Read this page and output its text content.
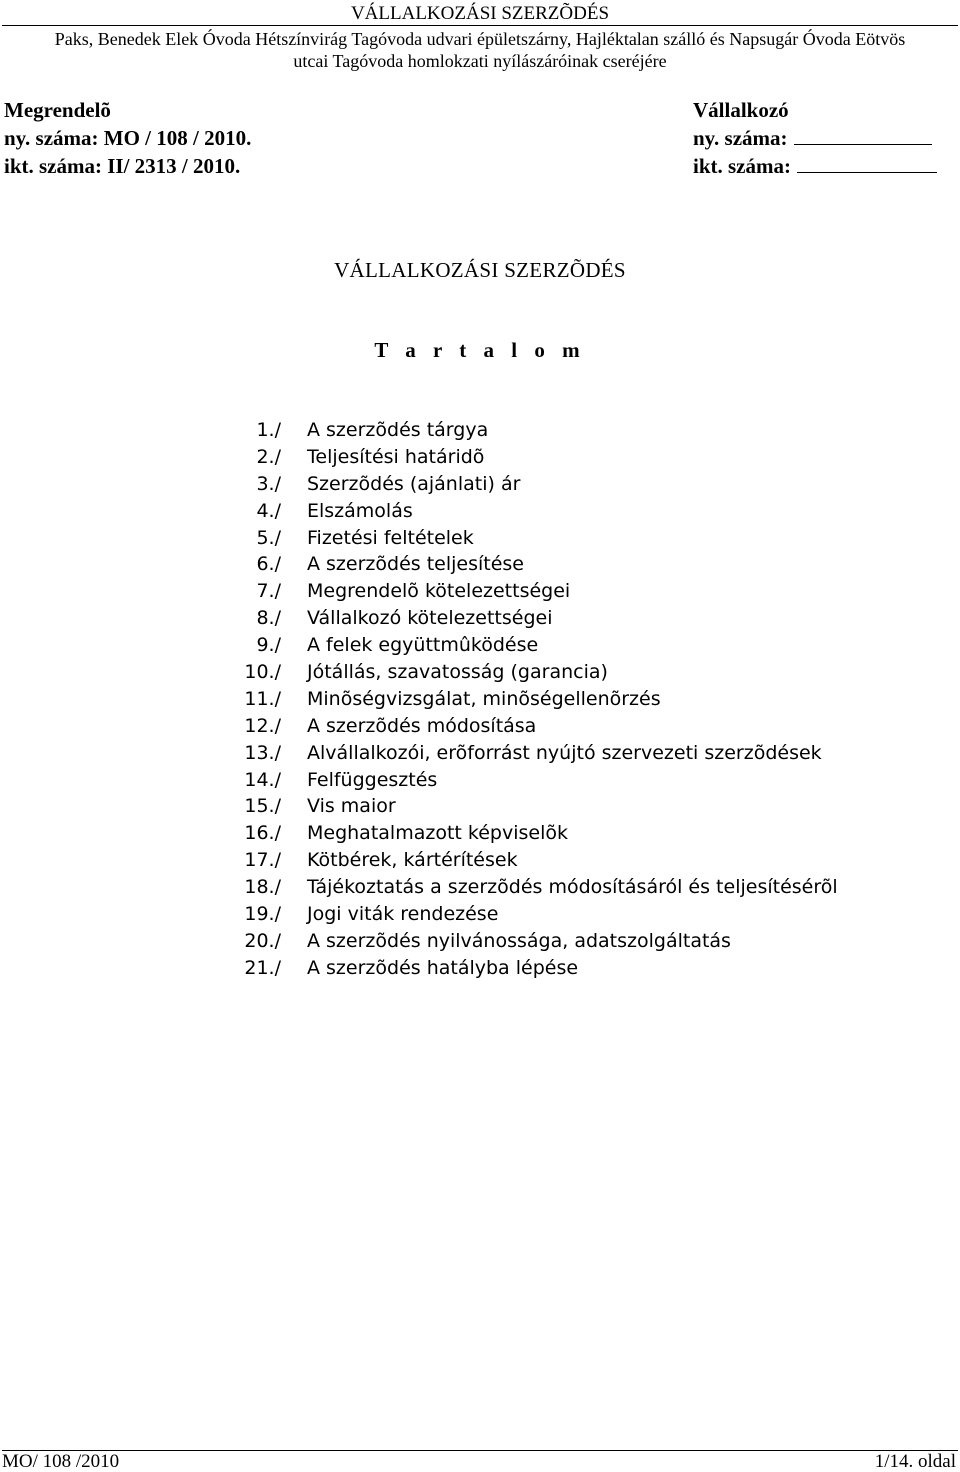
VÁLLALKOZÁSI SZERZÕDÉS
Paks, Benedek Elek Óvoda Hétszínvirág Tagóvoda udvari épületszárny, Hajléktalan szálló és Napsugár Óvoda Eötvös
utcai Tagóvoda homlokzati nyílászáróinak cseréjére
Megrendelõ
ny. száma: MO / 108 / 2010.
ikt. száma: II/ 2313 / 2010.
Vállalkozó
ny. száma:
ikt. száma:
VÁLLALKOZÁSI SZERZÕDÉS
T a r t a l o m
1./ A szerzõdés tárgya
2./ Teljesítési határidõ
3./ Szerzõdés (ajánlati) ár
4./ Elszámolás
5./ Fizetési feltételek
6./ A szerzõdés teljesítése
7./ Megrendelõ kötelezettségei
8./ Vállalkozó kötelezettségei
9./ A felek együttmûködése
10./ Jótállás, szavatosság (garancia)
11./ Minõségvizsgálat, minõségellenõrzés
12./ A szerzõdés módosítása
13./ Alvállalkozói, erõforrást nyújtó szervezeti szerzõdések
14./ Felfüggesztés
15./ Vis maior
16./ Meghatalmazott képviselõk
17./ Kötbérek, kártérítések
18./ Tájékoztatás a szerzõdés módosításáról és teljesítésérõl
19./ Jogi viták rendezése
20./ A szerzõdés nyilvánossága, adatszolgáltatás
21./ A szerzõdés hatályba lépése
MO/ 108 /2010	1/14. oldal
